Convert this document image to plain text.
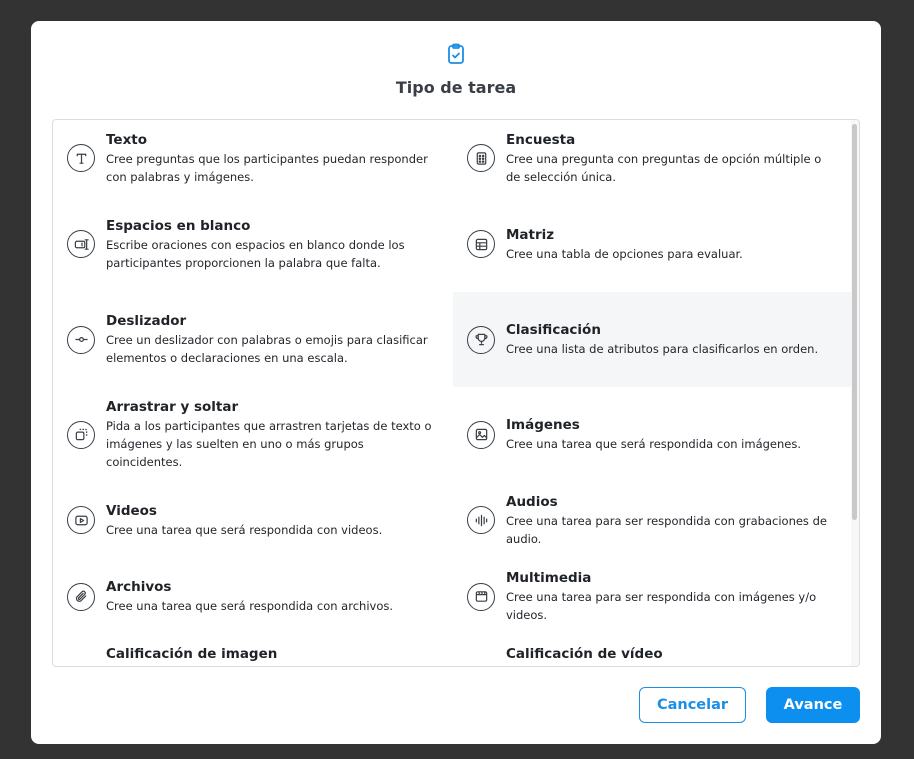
Tipo de tarea
Texto
Cree preguntas que los participantes puedan responder con palabras y imágenes.
Encuesta
Cree una pregunta con preguntas de opción múltiple o de selección única.
Espacios en blanco
Escribe oraciones con espacios en blanco donde los participantes proporcionen la palabra que falta.
Matriz
Cree una tabla de opciones para evaluar.
Deslizador
Cree un deslizador con palabras o emojis para clasificar elementos o declaraciones en una escala.
Clasificación
Cree una lista de atributos para clasificarlos en orden.
Arrastrar y soltar
Pida a los participantes que arrastren tarjetas de texto o imágenes y las suelten en uno o más grupos coincidentes.
Imágenes
Cree una tarea que será respondida con imágenes.
Videos
Cree una tarea que será respondida con videos.
Audios
Cree una tarea para ser respondida con grabaciones de audio.
Archivos
Cree una tarea que será respondida con archivos.
Multimedia
Cree una tarea para ser respondida con imágenes y/o videos.
Calificación de imagen	Calificación de vídeo
Cancelar	Avance
